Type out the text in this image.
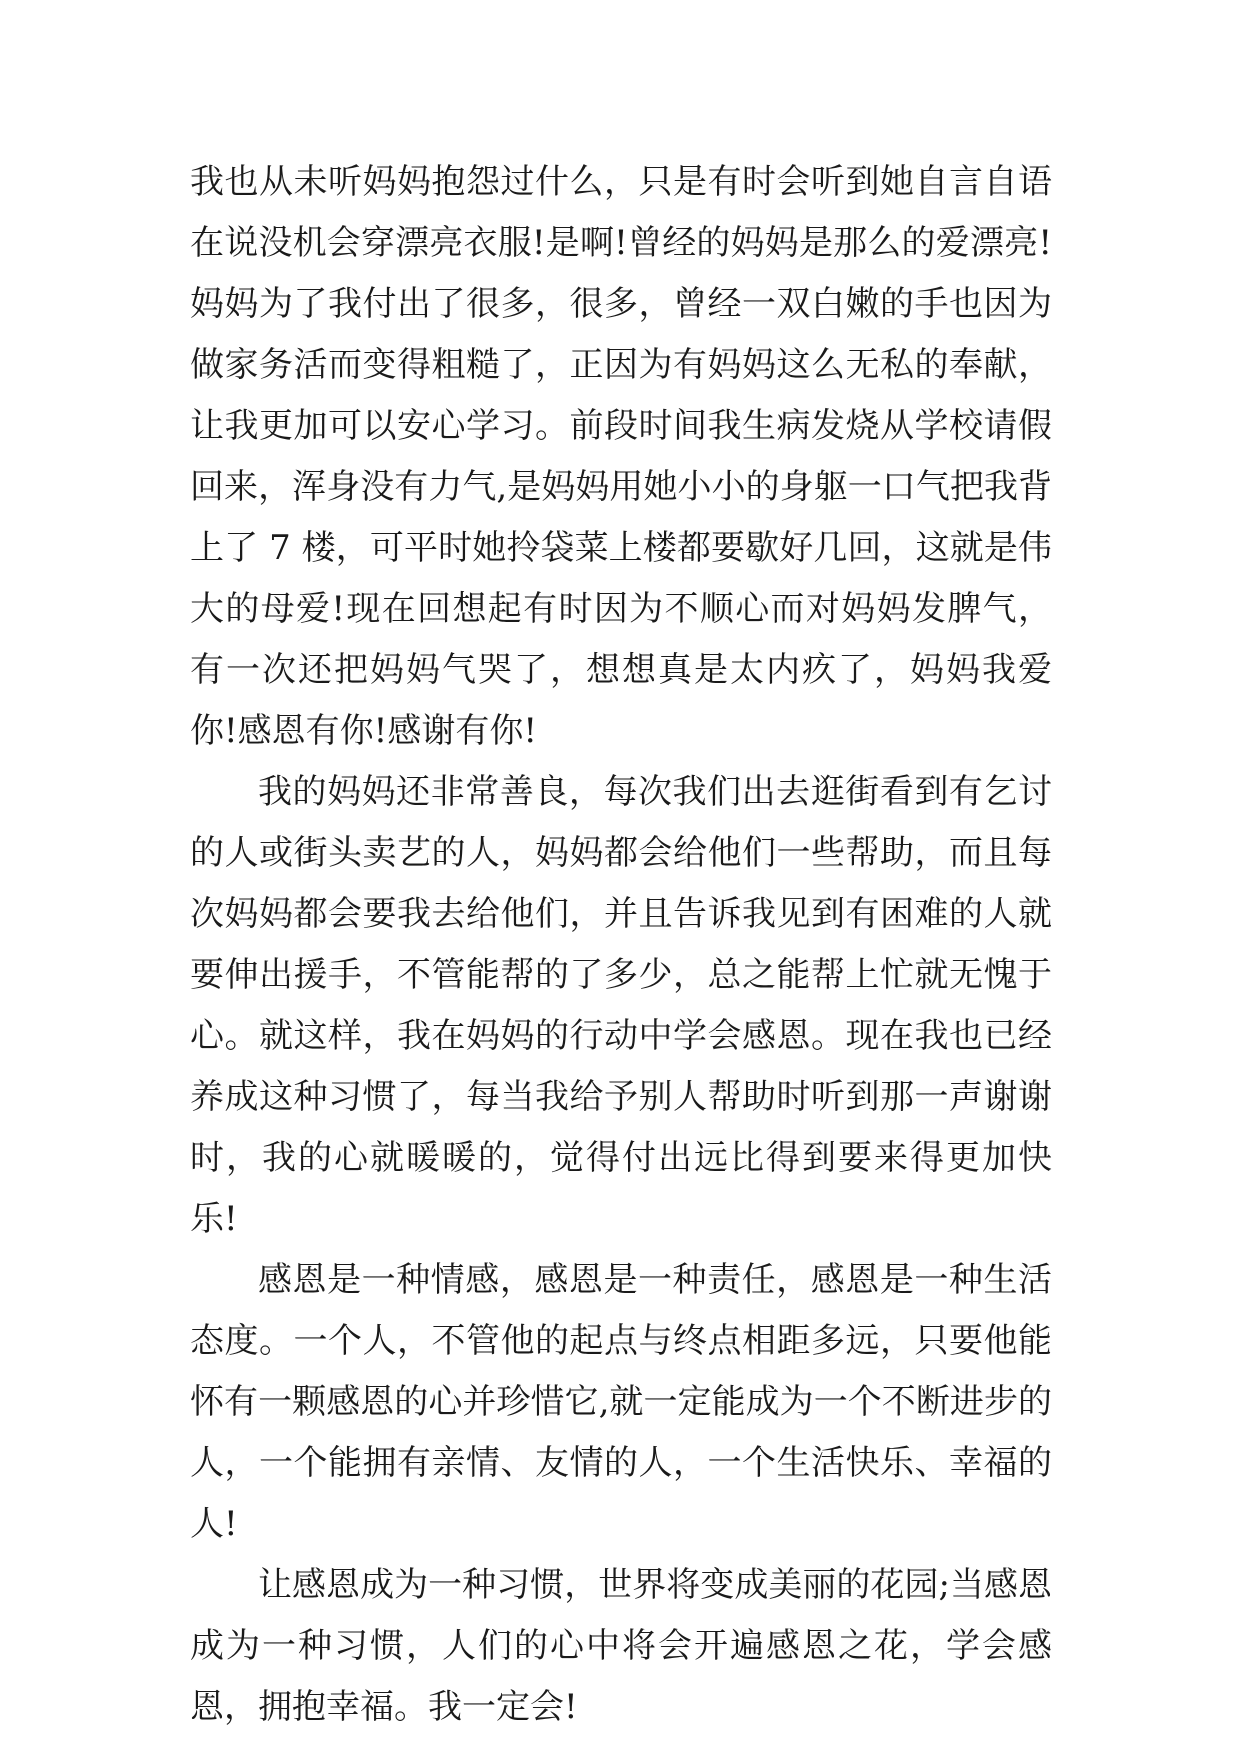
我也从未听妈妈抱怨过什么，只是有时会听到她自言自语在说没机会穿漂亮衣服!是啊!曾经的妈妈是那么的爱漂亮!妈妈为了我付出了很多，很多，曾经一双白嫩的手也因为做家务活而变得粗糙了，正因为有妈妈这么无私的奉献，让我更加可以安心学习。前段时间我生病发烧从学校请假回来，浑身没有力气,是妈妈用她小小的身躯一口气把我背上了 7 楼，可平时她拎袋菜上楼都要歇好几回，这就是伟大的母爱!现在回想起有时因为不顺心而对妈妈发脾气，有一次还把妈妈气哭了，想想真是太内疚了，妈妈我爱你!感恩有你!感谢有你!

我的妈妈还非常善良，每次我们出去逛街看到有乞讨的人或街头卖艺的人，妈妈都会给他们一些帮助，而且每次妈妈都会要我去给他们，并且告诉我见到有困难的人就要伸出援手，不管能帮的了多少，总之能帮上忙就无愧于心。就这样，我在妈妈的行动中学会感恩。现在我也已经养成这种习惯了，每当我给予别人帮助时听到那一声谢谢时，我的心就暖暖的，觉得付出远比得到要来得更加快乐!

感恩是一种情感，感恩是一种责任，感恩是一种生活态度。一个人，不管他的起点与终点相距多远，只要他能怀有一颗感恩的心并珍惜它,就一定能成为一个不断进步的人，一个能拥有亲情、友情的人，一个生活快乐、幸福的人!

让感恩成为一种习惯，世界将变成美丽的花园;当感恩成为一种习惯，人们的心中将会开遍感恩之花，学会感恩，拥抱幸福。我一定会!
